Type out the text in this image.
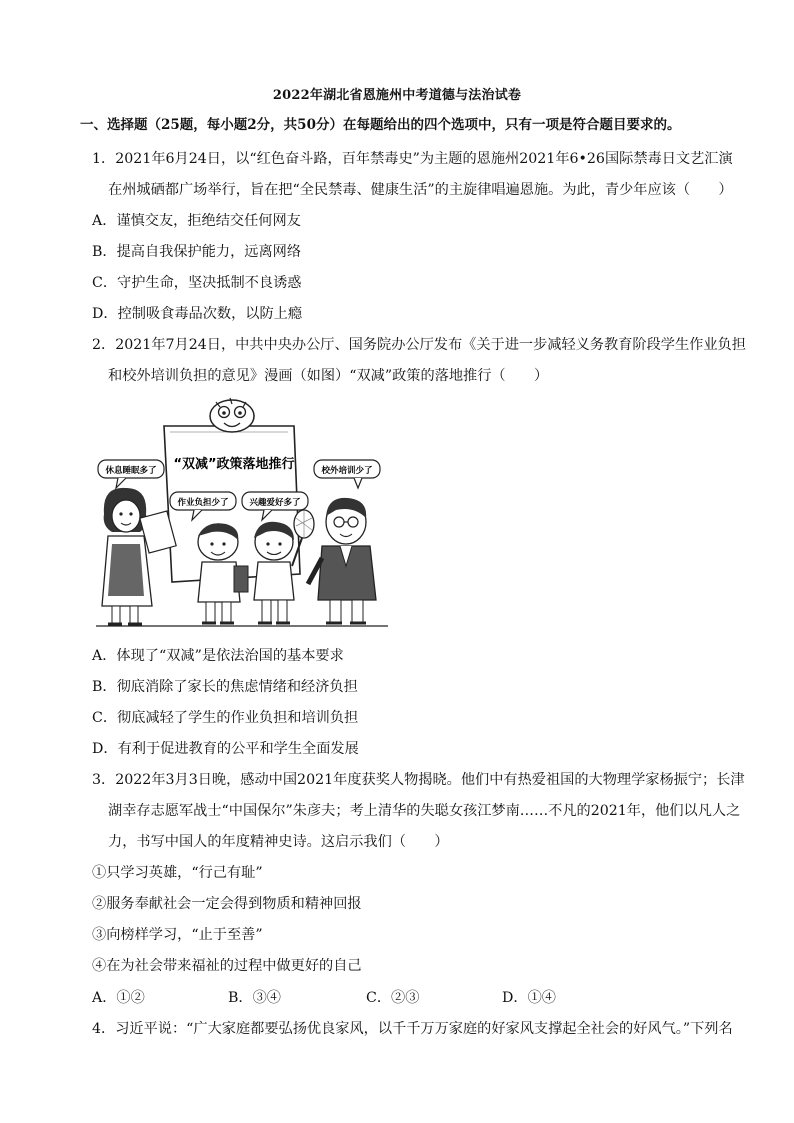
2022年湖北省恩施州中考道德与法治试卷
一、选择题（25题，每小题2分，共50分）在每题给出的四个选项中，只有一项是符合题目要求的。
1．2021年6月24日，以“红色奋斗路，百年禁毒史”为主题的恩施州2021年6•26国际禁毒日文艺汇演
在州城硒都广场举行，旨在把“全民禁毒、健康生活”的主旋律唱遍恩施。为此，青少年应该（　　）
A．谨慎交友，拒绝结交任何网友
B．提高自我保护能力，远离网络
C．守护生命，坚决抵制不良诱惑
D．控制吸食毒品次数，以防上瘾
2．2021年7月24日，中共中央办公厅、国务院办公厅发布《关于进一步减轻义务教育阶段学生作业负担
和校外培训负担的意见》漫画（如图）“双减”政策的落地推行（　　）
“双减”政策落地推行
休息睡眠多了
作业负担少了 兴趣爱好多了
校外培训少了
A．体现了“双减”是依法治国的基本要求
B．彻底消除了家长的焦虑情绪和经济负担
C．彻底减轻了学生的作业负担和培训负担
D．有利于促进教育的公平和学生全面发展
3．2022年3月3日晚，感动中国2021年度获奖人物揭晓。他们中有热爱祖国的大物理学家杨振宁；长津
湖幸存志愿军战士“中国保尔”朱彦夫；考上清华的失聪女孩江梦南……不凡的2021年，他们以凡人之
力，书写中国人的年度精神史诗。这启示我们（　　）
①只学习英雄，“行己有耻”
②服务奉献社会一定会得到物质和精神回报
③向榜样学习，“止于至善”
④在为社会带来福祉的过程中做更好的自己
A．①②	B．③④	C．②③	D．①④
4．习近平说：“广大家庭都要弘扬优良家风，以千千万万家庭的好家风支撑起全社会的好风气。”下列名
